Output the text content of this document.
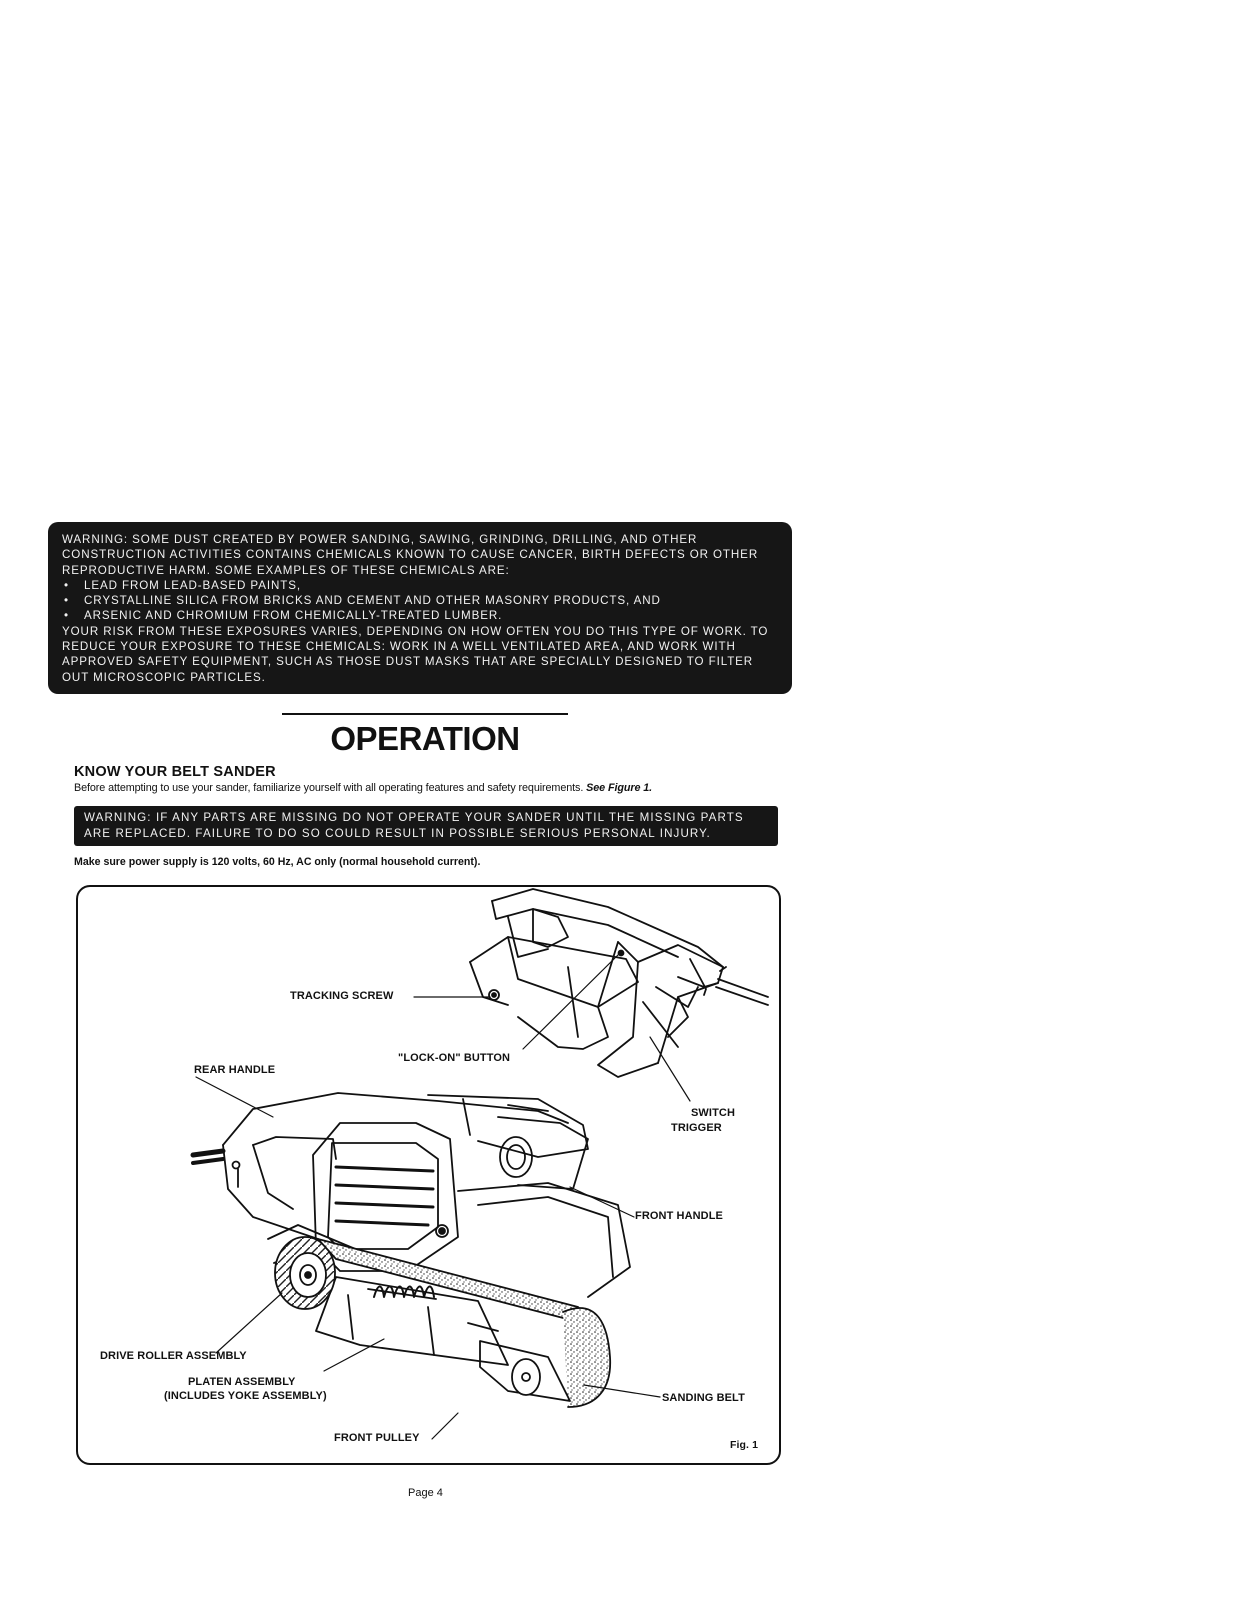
WARNING: SOME DUST CREATED BY POWER SANDING, SAWING, GRINDING, DRILLING, AND OTHER CONSTRUCTION ACTIVITIES CONTAINS CHEMICALS KNOWN TO CAUSE CANCER, BIRTH DEFECTS OR OTHER REPRODUCTIVE HARM. SOME EXAMPLES OF THESE CHEMICALS ARE:

• LEAD FROM LEAD-BASED PAINTS,
• CRYSTALLINE SILICA FROM BRICKS AND CEMENT AND OTHER MASONRY PRODUCTS, AND
• ARSENIC AND CHROMIUM FROM CHEMICALLY-TREATED LUMBER.

YOUR RISK FROM THESE EXPOSURES VARIES, DEPENDING ON HOW OFTEN YOU DO THIS TYPE OF WORK. TO REDUCE YOUR EXPOSURE TO THESE CHEMICALS: WORK IN A WELL VENTILATED AREA, AND WORK WITH APPROVED SAFETY EQUIPMENT, SUCH AS THOSE DUST MASKS THAT ARE SPECIALLY DESIGNED TO FILTER OUT MICROSCOPIC PARTICLES.

OPERATION
KNOW YOUR BELT SANDER
Before attempting to use your sander, familiarize yourself with all operating features and safety requirements. See Figure 1.
WARNING: IF ANY PARTS ARE MISSING DO NOT OPERATE YOUR SANDER UNTIL THE MISSING PARTS ARE REPLACED. FAILURE TO DO SO COULD RESULT IN POSSIBLE SERIOUS PERSONAL INJURY.
Make sure power supply is 120 volts, 60 Hz, AC only (normal household current).
TRACKING SCREW
"LOCK-ON" BUTTON
REAR HANDLE
SWITCH
TRIGGER
FRONT HANDLE
DRIVE ROLLER ASSEMBLY
PLATEN ASSEMBLY
(INCLUDES YOKE ASSEMBLY)	SANDING BELT
FRONT PULLEY
Fig. 1
Page 4
